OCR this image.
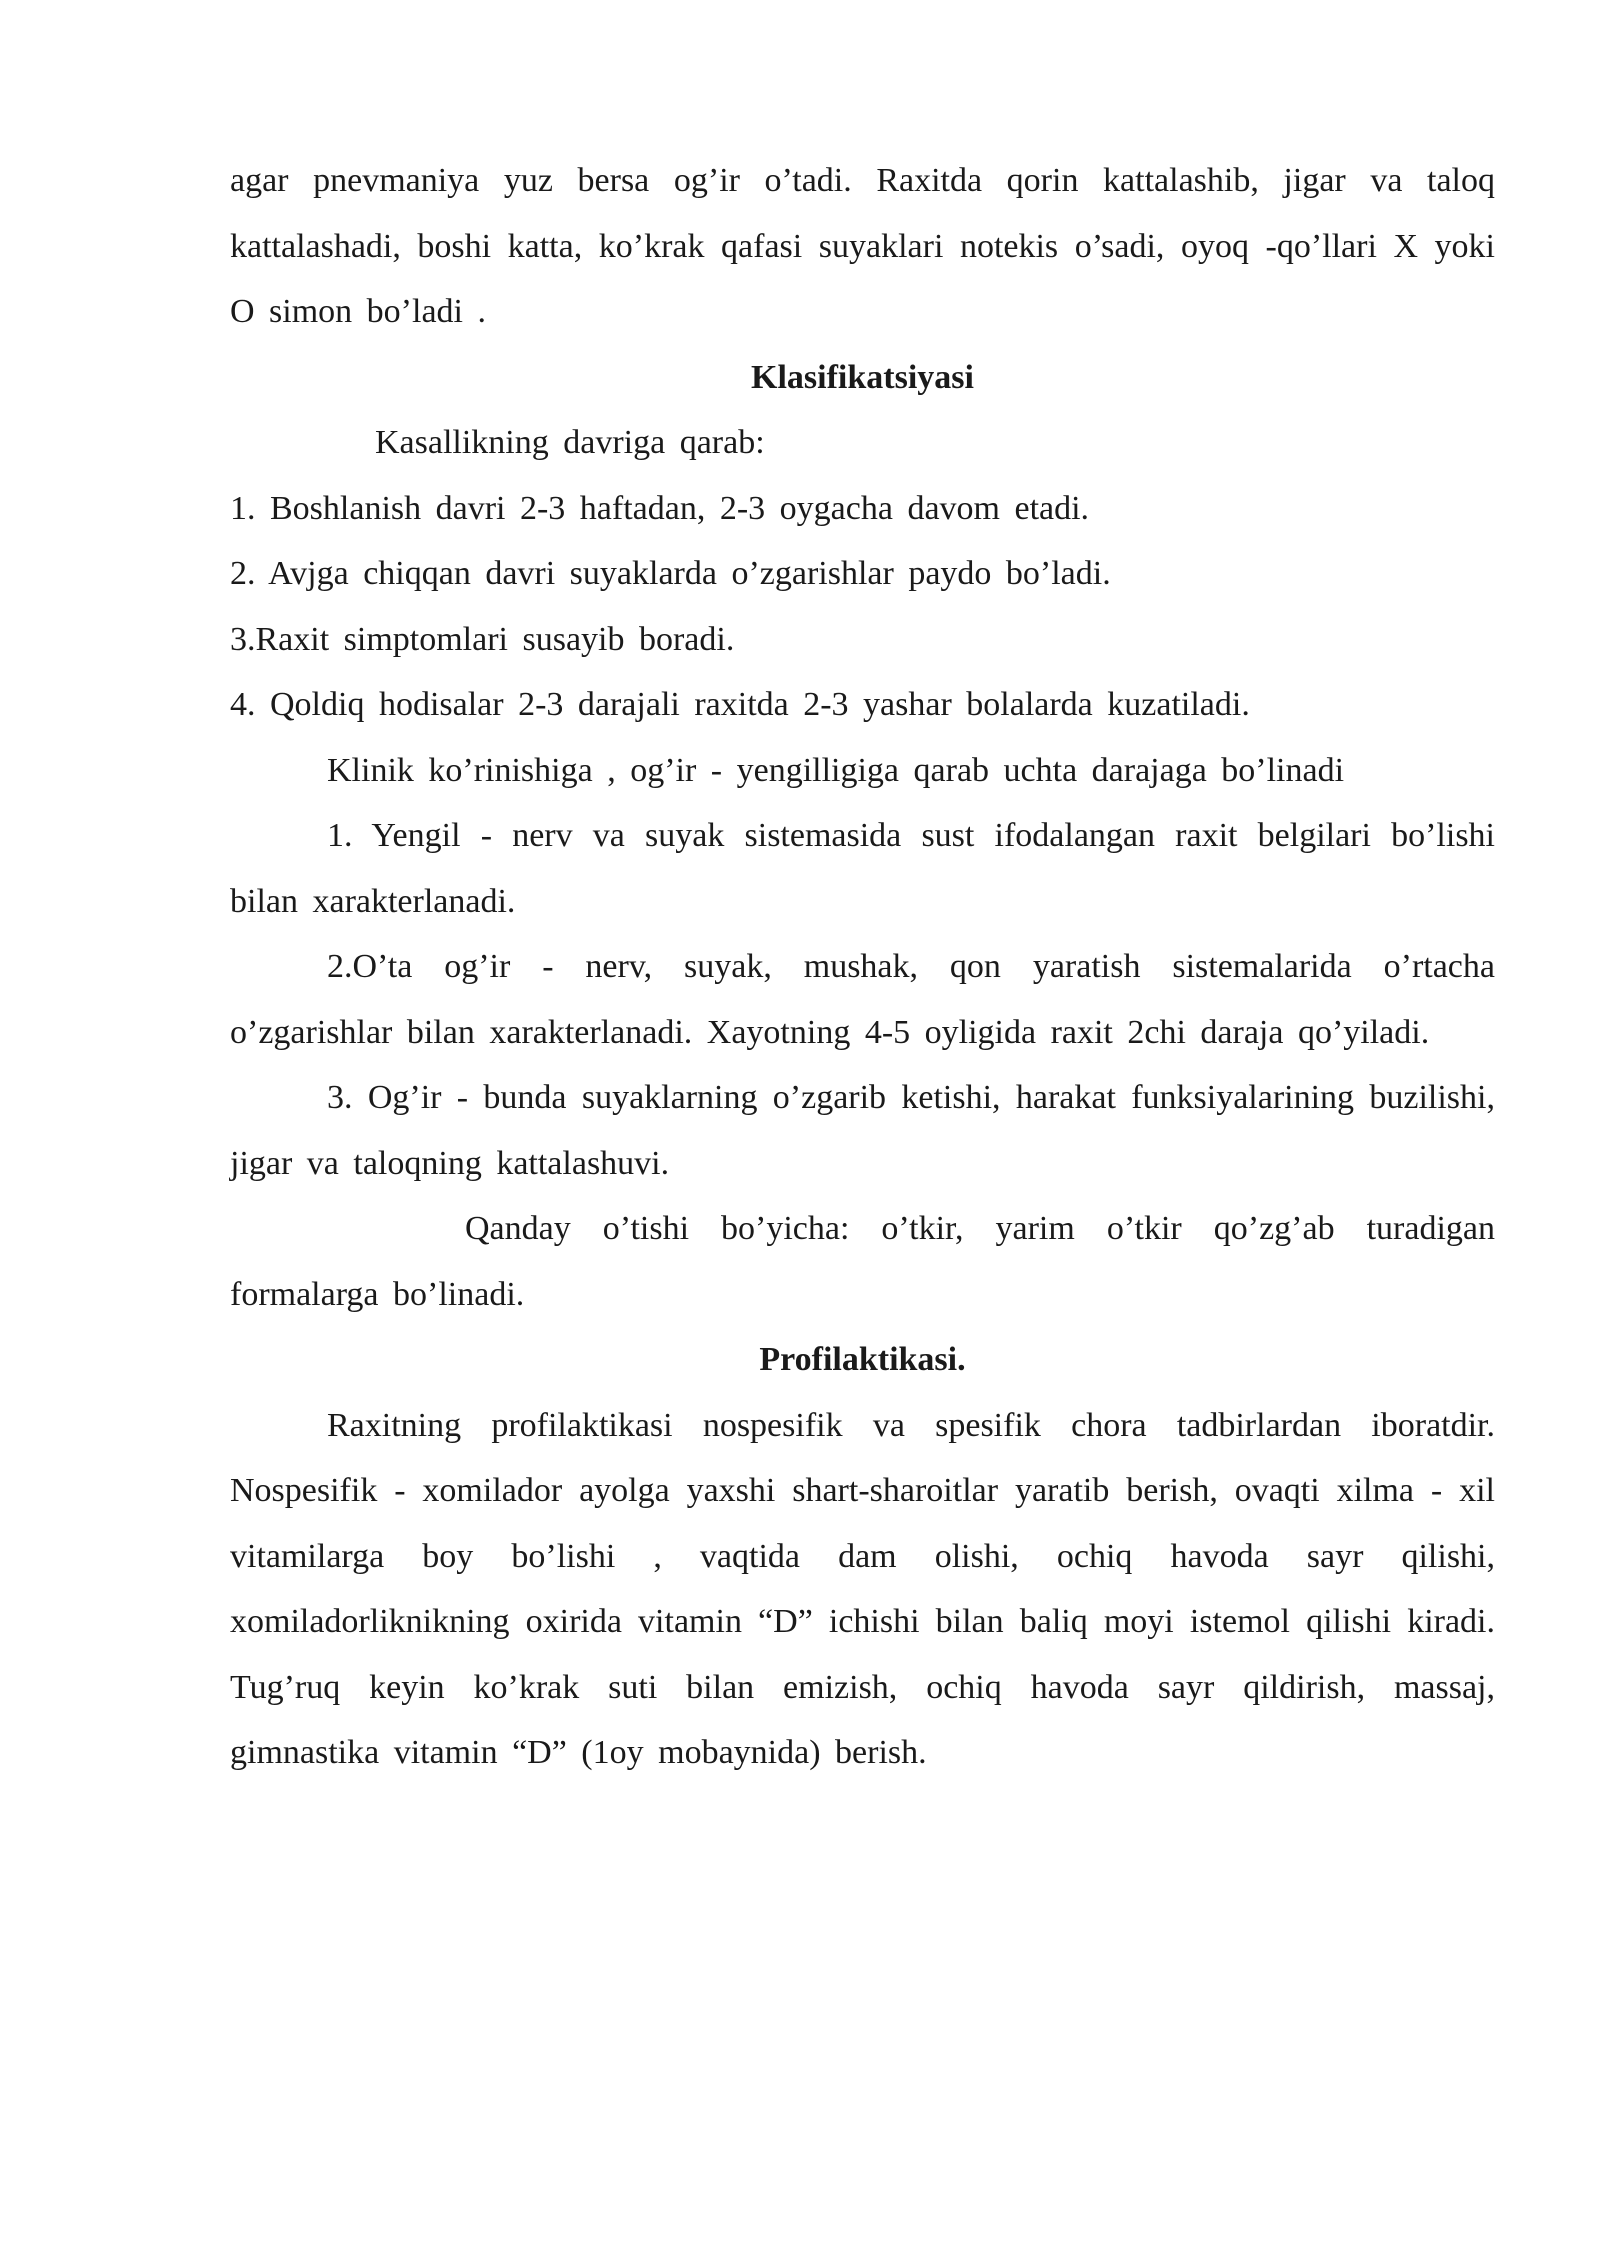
agar pnevmaniya yuz bersa og’ir o’tadi. Raxitda qorin kattalashib, jigar va taloq kattalashadi, boshi katta, ko’krak qafasi suyaklari notekis o’sadi, oyoq -qo’llari X yoki O simon bo’ladi .

Klasifikatsiyasi

Kasallikning davriga qarab:

1. Boshlanish davri 2-3 haftadan, 2-3 oygacha davom etadi.

2. Avjga chiqqan davri suyaklarda o’zgarishlar paydo bo’ladi.

3.Raxit simptomlari susayib boradi.

4. Qoldiq hodisalar 2-3 darajali raxitda 2-3 yashar bolalarda kuzatiladi.

Klinik ko’rinishiga , og’ir - yengilligiga qarab uchta darajaga bo’linadi

1. Yengil - nerv va suyak sistemasida sust ifodalangan raxit belgilari bo’lishi bilan xarakterlanadi.

2.O’ta og’ir - nerv, suyak, mushak, qon yaratish sistemalarida o’rtacha o’zgarishlar bilan xarakterlanadi. Xayotning 4-5 oyligida raxit 2chi daraja qo’yiladi.

3. Og’ir - bunda suyaklarning o’zgarib ketishi, harakat funksiyalarining buzilishi, jigar va taloqning kattalashuvi.

Qanday o’tishi bo’yicha: o’tkir, yarim o’tkir qo’zg’ab turadigan formalarga bo’linadi.

Profilaktikasi.

Raxitning profilaktikasi nospesifik va spesifik chora tadbirlardan iboratdir. Nospesifik - xomilador ayolga yaxshi shart-sharoitlar yaratib berish, ovaqti xilma - xil vitamilarga boy bo’lishi , vaqtida dam olishi, ochiq havoda sayr qilishi, xomiladorliknikning oxirida vitamin “D” ichishi bilan baliq moyi istemol qilishi kiradi. Tug’ruq keyin ko’krak suti bilan emizish, ochiq havoda sayr qildirish, massaj, gimnastika vitamin “D” (1oy mobaynida) berish.
